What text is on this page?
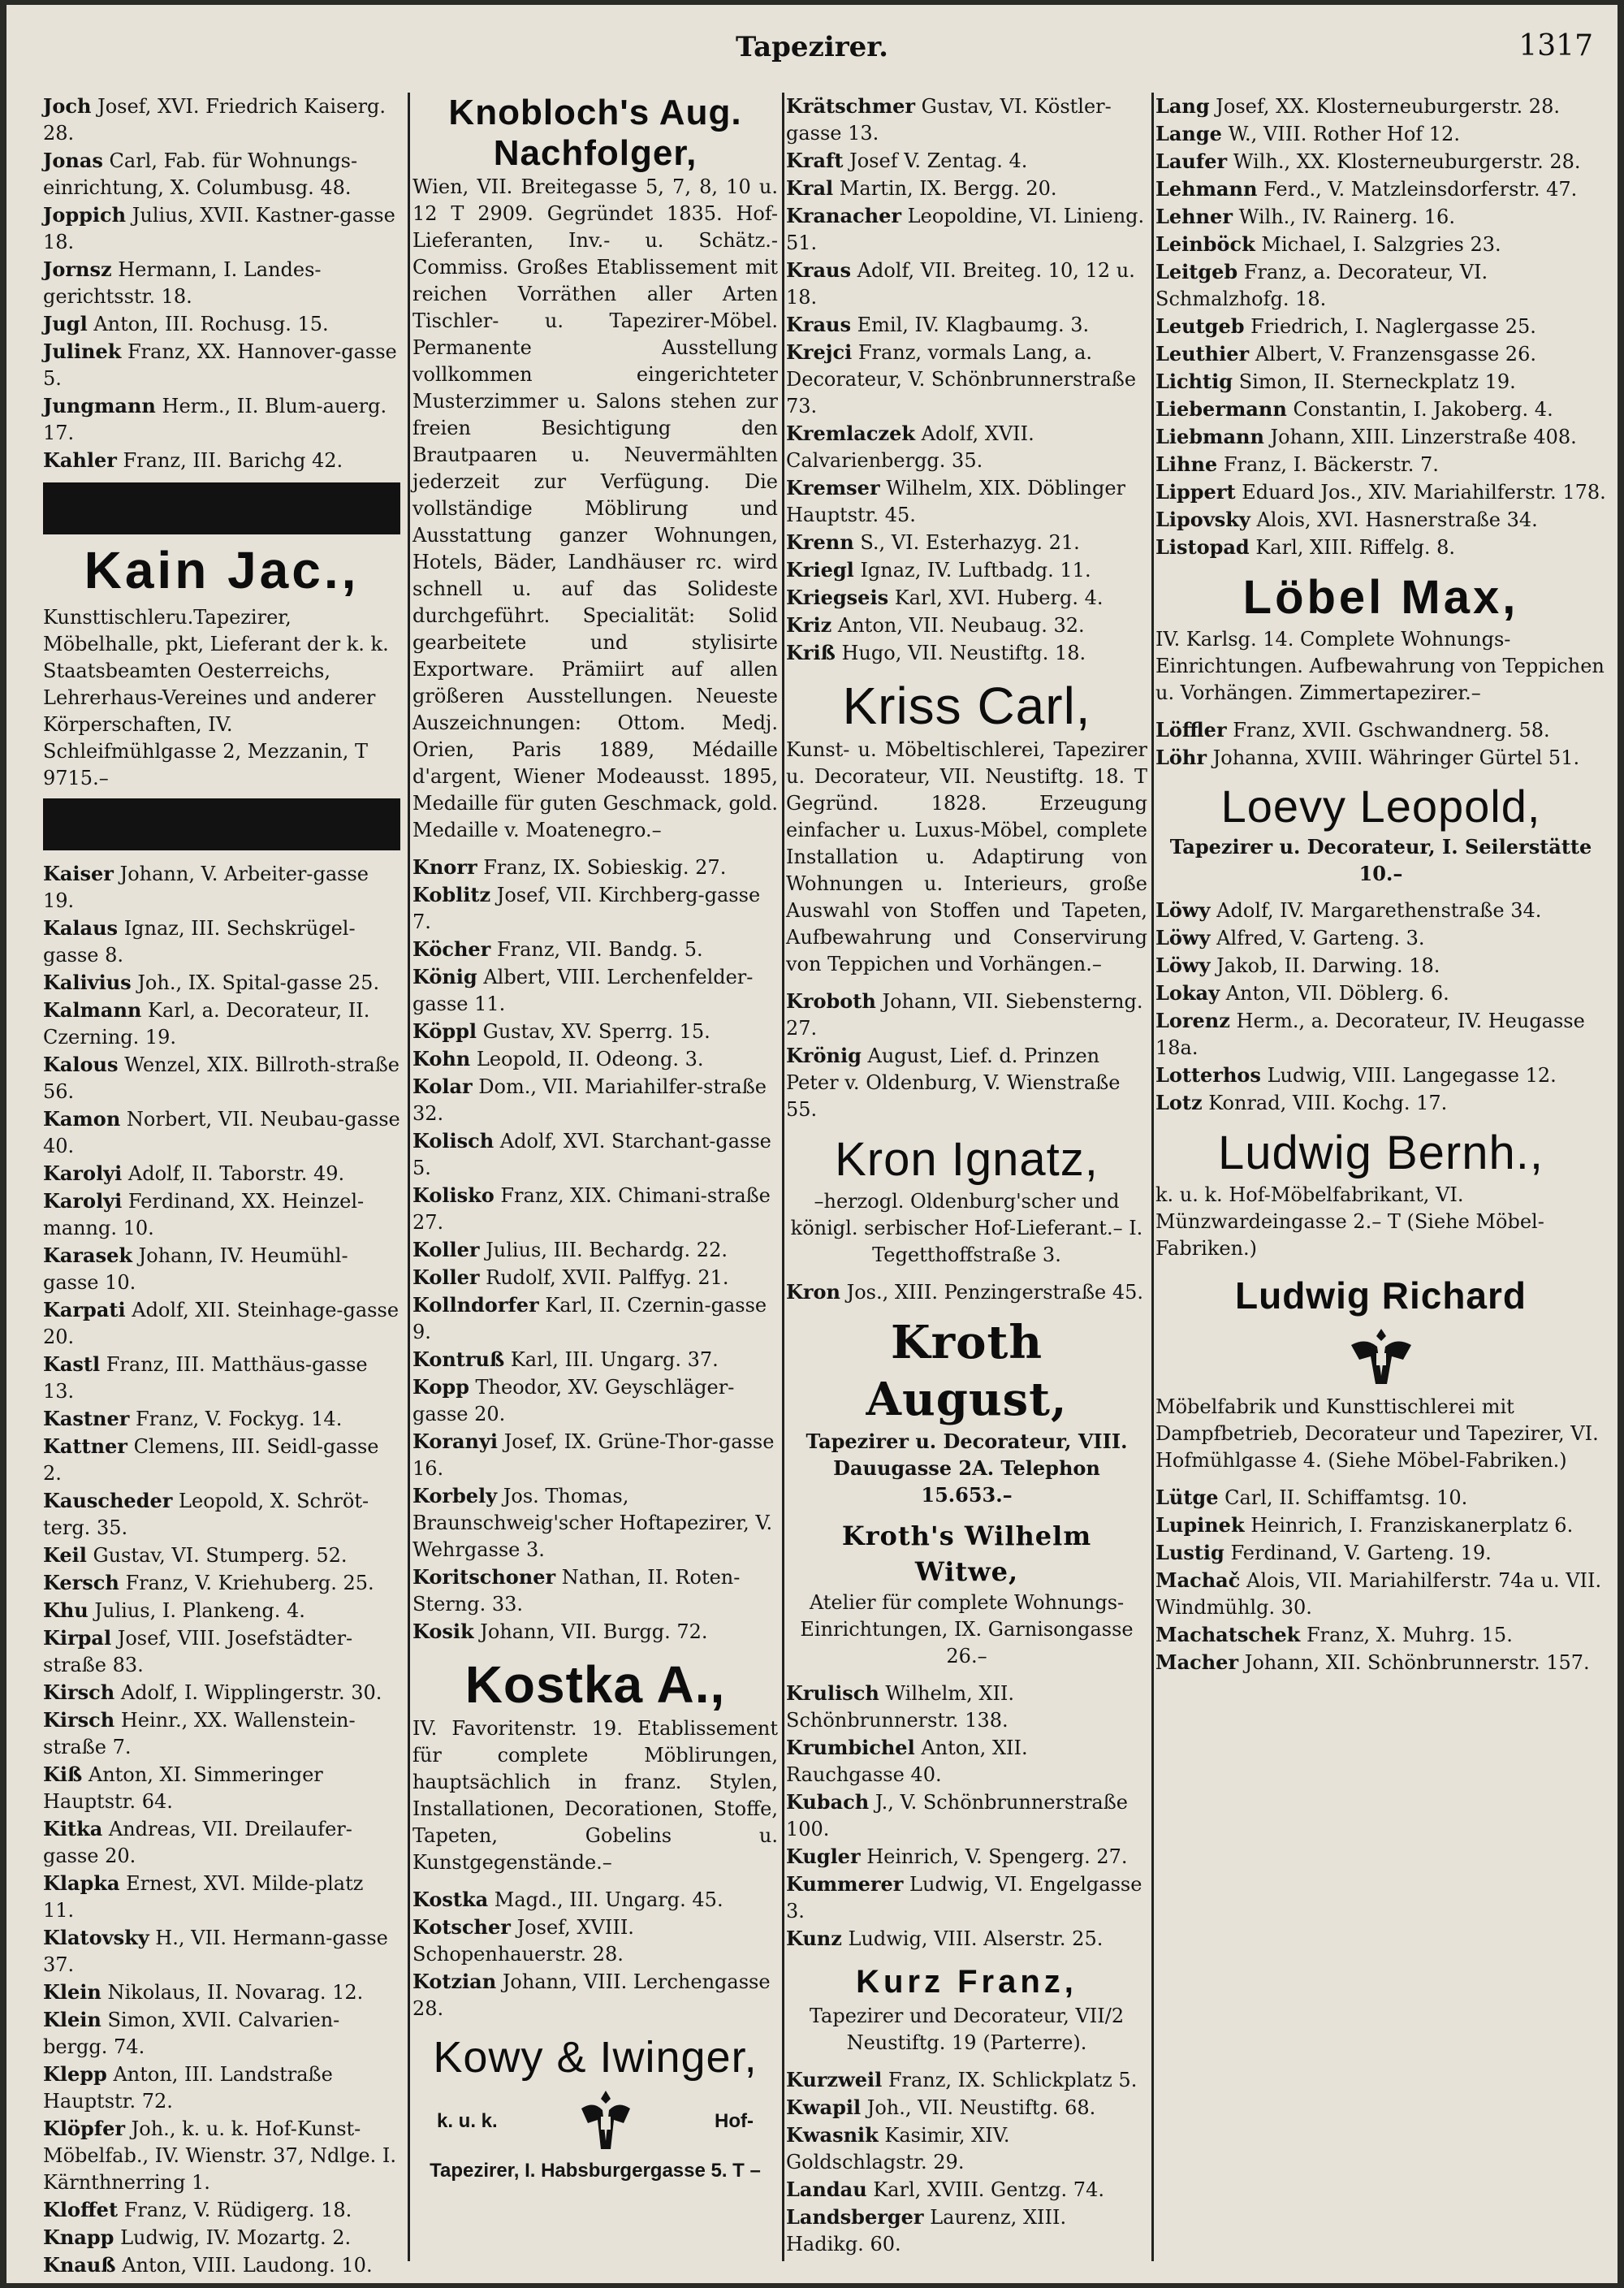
Tapezirer.	1317

Joch Josef, XVI. Friedrich Kaiserg. 28.

Jonas Carl, Fab. für Wohnungs-einrichtung, X. Columbusg. 48.

Joppich Julius, XVII. Kastner-gasse 18.

Jornsz Hermann, I. Landes-gerichtsstr. 18.

Jugl Anton, III. Rochusg. 15.

Julinek Franz, XX. Hannover-gasse 5.

Jungmann Herm., II. Blum-auerg. 17.

Kahler Franz, III. Barichg 42.

Kain Jac.,
Kunsttischleru.Tapezirer, Möbelhalle, pkt, Lieferant der k. k. Staatsbeamten Oesterreichs, Lehrerhaus-Vereines und anderer Körperschaften, IV. Schleifmühlgasse 2, Mezzanin, T 9715.–

Kaiser Johann, V. Arbeiter-gasse 19.

Kalaus Ignaz, III. Sechskrügel-gasse 8.

Kalivius Joh., IX. Spital-gasse 25.

Kalmann Karl, a. Decorateur, II. Czerning. 19.

Kalous Wenzel, XIX. Billroth-straße 56.

Kamon Norbert, VII. Neubau-gasse 40.

Karolyi Adolf, II. Taborstr. 49.

Karolyi Ferdinand, XX. Heinzel-manng. 10.

Karasek Johann, IV. Heumühl-gasse 10.

Karpati Adolf, XII. Steinhage-gasse 20.

Kastl Franz, III. Matthäus-gasse 13.

Kastner Franz, V. Fockyg. 14.

Kattner Clemens, III. Seidl-gasse 2.

Kauscheder Leopold, X. Schröt-terg. 35.

Keil Gustav, VI. Stumperg. 52.

Kersch Franz, V. Kriehuberg. 25.

Khu Julius, I. Plankeng. 4.

Kirpal Josef, VIII. Josefstädter-straße 83.

Kirsch Adolf, I. Wipplingerstr. 30.

Kirsch Heinr., XX. Wallenstein-straße 7.

Kiß Anton, XI. Simmeringer Hauptstr. 64.

Kitka Andreas, VII. Dreilaufer-gasse 20.

Klapka Ernest, XVI. Milde-platz 11.

Klatovsky H., VII. Hermann-gasse 37.

Klein Nikolaus, II. Novarag. 12.

Klein Simon, XVII. Calvarien-bergg. 74.

Klepp Anton, III. Landstraße Hauptstr. 72.

Klöpfer Joh., k. u. k. Hof-Kunst-Möbelfab., IV. Wienstr. 37, Ndlge. I. Kärnthnerring 1.

Kloffet Franz, V. Rüdigerg. 18.

Knapp Ludwig, IV. Mozartg. 2.

Knauß Anton, VIII. Laudong. 10.

Knobloch's Aug. Nachfolger,
Wien, VII. Breitegasse 5, 7, 8, 10 u. 12 T 2909. Gegründet 1835. Hof-Lieferanten, Inv.- u. Schätz.-Commiss. Großes Etablissement mit reichen Vorräthen aller Arten Tischler- u. Tapezirer-Möbel. Permanente Ausstellung vollkommen eingerichteter Musterzimmer u. Salons stehen zur freien Besichtigung den Brautpaaren u. Neuvermählten jederzeit zur Verfügung. Die vollständige Möblirung und Ausstattung ganzer Wohnungen, Hotels, Bäder, Landhäuser rc. wird schnell u. auf das Solideste durchgeführt. Specialität: Solid gearbeitete und stylisirte Exportware. Prämiirt auf allen größeren Ausstellungen. Neueste Auszeichnungen: Ottom. Medj. Orien, Paris 1889, Médaille d'argent, Wiener Modeausst. 1895, Medaille für guten Geschmack, gold. Medaille v. Moatenegro.–

Knorr Franz, IX. Sobieskig. 27.

Koblitz Josef, VII. Kirchberg-gasse 7.

Köcher Franz, VII. Bandg. 5.

König Albert, VIII. Lerchenfelder-gasse 11.

Köppl Gustav, XV. Sperrg. 15.

Kohn Leopold, II. Odeong. 3.

Kolar Dom., VII. Mariahilfer-straße 32.

Kolisch Adolf, XVI. Starchant-gasse 5.

Kolisko Franz, XIX. Chimani-straße 27.

Koller Julius, III. Bechardg. 22.

Koller Rudolf, XVII. Palffyg. 21.

Kollndorfer Karl, II. Czernin-gasse 9.

Kontruß Karl, III. Ungarg. 37.

Kopp Theodor, XV. Geyschläger-gasse 20.

Koranyi Josef, IX. Grüne-Thor-gasse 16.

Korbely Jos. Thomas, Braunschweig'scher Hoftapezirer, V. Wehrgasse 3.

Koritschoner Nathan, II. Roten-Sterng. 33.

Kosik Johann, VII. Burgg. 72.

Kostka A.,
IV. Favoritenstr. 19. Etablissement für complete Möblirungen, hauptsächlich in franz. Stylen, Installationen, Decorationen, Stoffe, Tapeten, Gobelins u. Kunstgegenstände.–

Kostka Magd., III. Ungarg. 45.

Kotscher Josef, XVIII. Schopenhauerstr. 28.

Kotzian Johann, VIII. Lerchengasse 28.

Kowy & Iwinger,
k. u. k.	Hof-
Tapezirer, I. Habsburgergasse 5. T –

Krätschmer Gustav, VI. Köstler-gasse 13.

Kraft Josef V. Zentag. 4.

Kral Martin, IX. Bergg. 20.

Kranacher Leopoldine, VI. Linieng. 51.

Kraus Adolf, VII. Breiteg. 10, 12 u. 18.

Kraus Emil, IV. Klagbaumg. 3.

Krejci Franz, vormals Lang, a. Decorateur, V. Schönbrunnerstraße 73.

Kremlaczek Adolf, XVII. Calvarienbergg. 35.

Kremser Wilhelm, XIX. Döblinger Hauptstr. 45.

Krenn S., VI. Esterhazyg. 21.

Kriegl Ignaz, IV. Luftbadg. 11.

Kriegseis Karl, XVI. Huberg. 4.

Kriz Anton, VII. Neubaug. 32.

Kriß Hugo, VII. Neustiftg. 18.

Kriss Carl,
Kunst- u. Möbeltischlerei, Tapezirer u. Decorateur, VII. Neustiftg. 18. T Gegründ. 1828. Erzeugung einfacher u. Luxus-Möbel, complete Installation u. Adaptirung von Wohnungen u. Interieurs, große Auswahl von Stoffen und Tapeten, Aufbewahrung und Conservirung von Teppichen und Vorhängen.–

Kroboth Johann, VII. Siebensterng. 27.

Krönig August, Lief. d. Prinzen Peter v. Oldenburg, V. Wienstraße 55.

Kron Ignatz,
–herzogl. Oldenburg'scher und königl. serbischer Hof-Lieferant.– I. Tegetthoffstraße 3.

Kron Jos., XIII. Penzingerstraße 45.

Kroth August,
Tapezirer u. Decorateur, VIII. Dauugasse 2A. Telephon 15.653.–
Kroth's Wilhelm Witwe,
Atelier für complete Wohnungs-Einrichtungen, IX. Garnisongasse 26.–

Krulisch Wilhelm, XII. Schönbrunnerstr. 138.

Krumbichel Anton, XII. Rauchgasse 40.

Kubach J., V. Schönbrunnerstraße 100.

Kugler Heinrich, V. Spengerg. 27.

Kummerer Ludwig, VI. Engelgasse 3.

Kunz Ludwig, VIII. Alserstr. 25.

Kurz Franz,
Tapezirer und Decorateur, VII/2 Neustiftg. 19 (Parterre).

Kurzweil Franz, IX. Schlickplatz 5.

Kwapil Joh., VII. Neustiftg. 68.

Kwasnik Kasimir, XIV. Goldschlagstr. 29.

Landau Karl, XVIII. Gentzg. 74.

Landsberger Laurenz, XIII. Hadikg. 60.

Lang Josef, XX. Klosterneuburgerstr. 28.

Lange W., VIII. Rother Hof 12.

Laufer Wilh., XX. Klosterneuburgerstr. 28.

Lehmann Ferd., V. Matzleinsdorferstr. 47.

Lehner Wilh., IV. Rainerg. 16.

Leinböck Michael, I. Salzgries 23.

Leitgeb Franz, a. Decorateur, VI. Schmalzhofg. 18.

Leutgeb Friedrich, I. Naglergasse 25.

Leuthier Albert, V. Franzensgasse 26.

Lichtig Simon, II. Sterneckplatz 19.

Liebermann Constantin, I. Jakoberg. 4.

Liebmann Johann, XIII. Linzerstraße 408.

Lihne Franz, I. Bäckerstr. 7.

Lippert Eduard Jos., XIV. Mariahilferstr. 178.

Lipovsky Alois, XVI. Hasnerstraße 34.

Listopad Karl, XIII. Riffelg. 8.

Löbel Max,
IV. Karlsg. 14. Complete Wohnungs-Einrichtungen. Aufbewahrung von Teppichen u. Vorhängen. Zimmertapezirer.–

Löffler Franz, XVII. Gschwandnerg. 58.

Löhr Johanna, XVIII. Währinger Gürtel 51.

Loevy Leopold,
Tapezirer u. Decorateur, I. Seilerstätte 10.–

Löwy Adolf, IV. Margarethenstraße 34.

Löwy Alfred, V. Garteng. 3.

Löwy Jakob, II. Darwing. 18.

Lokay Anton, VII. Döblerg. 6.

Lorenz Herm., a. Decorateur, IV. Heugasse 18a.

Lotterhos Ludwig, VIII. Langegasse 12.

Lotz Konrad, VIII. Kochg. 17.

Ludwig Bernh.,
k. u. k. Hof-Möbelfabrikant, VI. Münzwardeingasse 2.– T (Siehe Möbel-Fabriken.)
Ludwig Richard
Möbelfabrik und Kunsttischlerei mit Dampfbetrieb, Decorateur und Tapezirer, VI. Hofmühlgasse 4. (Siehe Möbel-Fabriken.)

Lütge Carl, II. Schiffamtsg. 10.

Lupinek Heinrich, I. Franziskanerplatz 6.

Lustig Ferdinand, V. Garteng. 19.

Machač Alois, VII. Mariahilferstr. 74a u. VII. Windmühlg. 30.

Machatschek Franz, X. Muhrg. 15.

Macher Johann, XII. Schönbrunnerstr. 157.
